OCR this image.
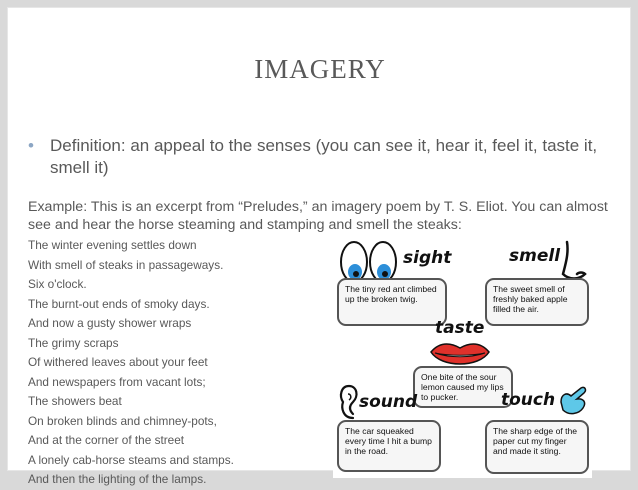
IMAGERY
• Definition: an appeal to the senses (you can see it, hear it, feel it, taste it, smell it)
Example: This is an excerpt from “Preludes,” an imagery poem by T. S. Eliot. You can almost see and hear the horse steaming and stamping and smell the steaks:
The winter evening settles down
With smell of steaks in passageways.
Six o'clock.
The burnt-out ends of smoky days.
And now a gusty shower wraps
The grimy scraps
Of withered leaves about your feet
And newspapers from vacant lots;
The showers beat
On broken blinds and chimney-pots,
And at the corner of the street
A lonely cab-horse steams and stamps.
And then the lighting of the lamps.
sight
The tiny red ant climbed up the broken twig.
smell
The sweet smell of freshly baked apple filled the air.
taste
One bite of the sour lemon caused my lips to pucker.
sound
The car squeaked every time I hit a bump in the road.
touch
The sharp edge of the paper cut my finger and made it sting.
